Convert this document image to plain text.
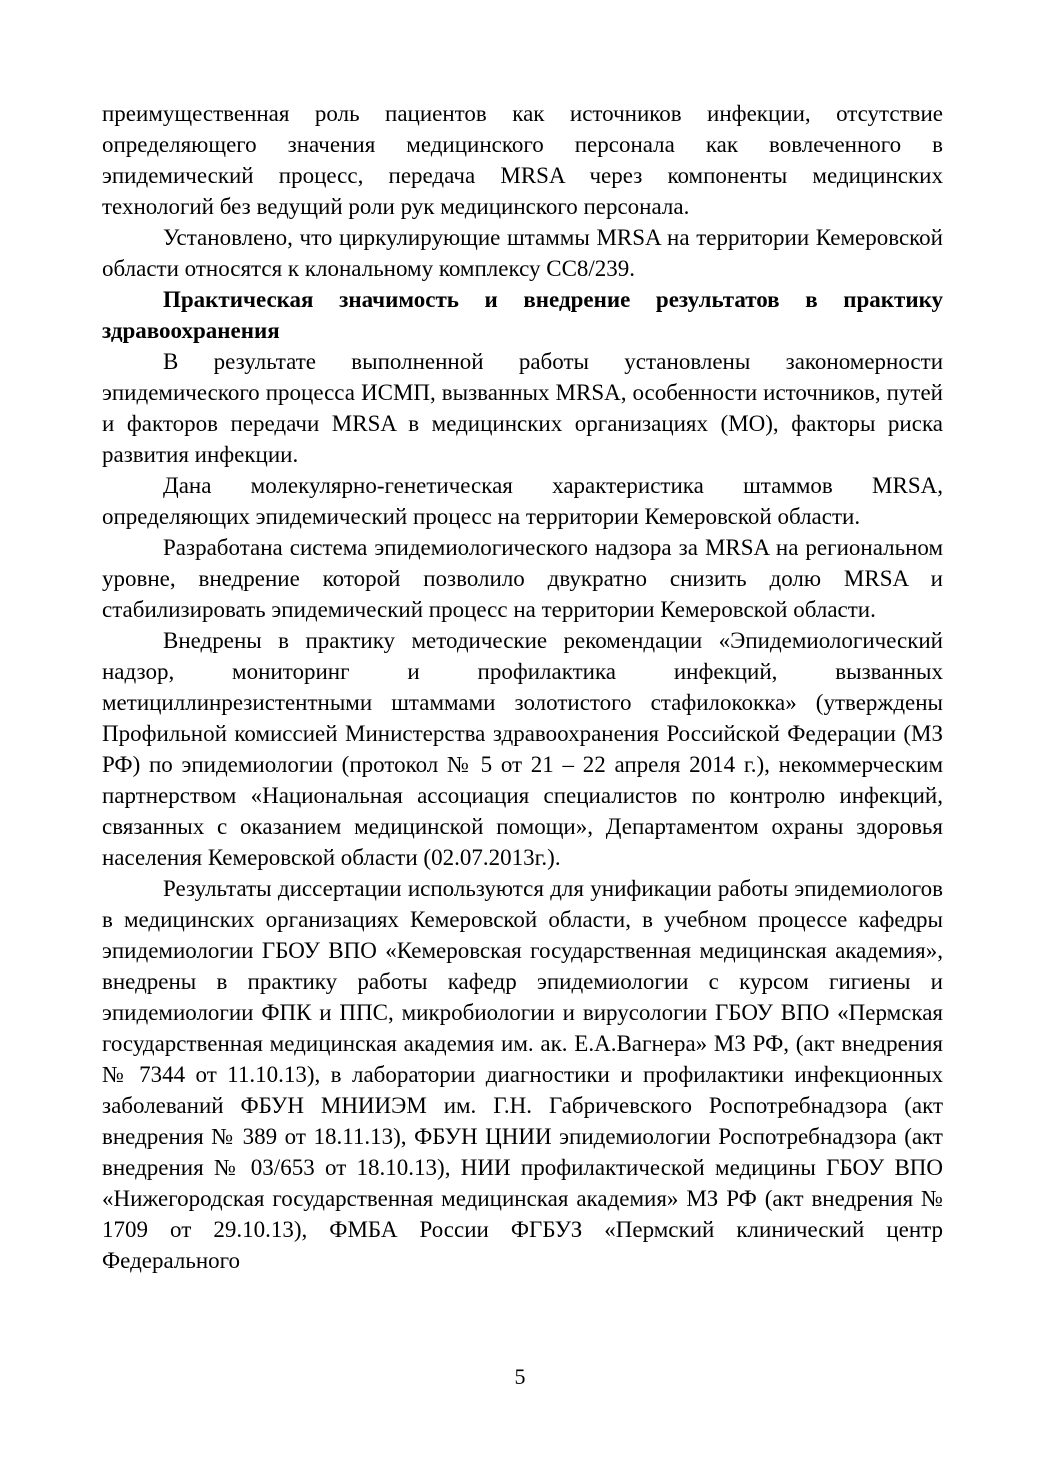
преимущественная роль пациентов как источников инфекции, отсутствие определяющего значения медицинского персонала как вовлеченного в эпидемический процесс, передача MRSA через компоненты медицинских технологий без ведущий роли рук медицинского персонала.

Установлено, что циркулирующие штаммы MRSA на территории Кемеровской области относятся к клональному комплексу CC8/239.

Практическая значимость и внедрение результатов в практику здравоохранения

В результате выполненной работы установлены закономерности эпидемического процесса ИСМП, вызванных MRSA, особенности источников, путей и факторов передачи MRSA в медицинских организациях (МО), факторы риска развития инфекции.

Дана молекулярно-генетическая характеристика штаммов MRSA, определяющих эпидемический процесс на территории Кемеровской области.

Разработана система эпидемиологического надзора за MRSA на региональном уровне, внедрение которой позволило двукратно снизить долю MRSA и стабилизировать эпидемический процесс на территории Кемеровской области.

Внедрены в практику методические рекомендации «Эпидемиологический надзор, мониторинг и профилактика инфекций, вызванных метициллинрезистентными штаммами золотистого стафилококка» (утверждены Профильной комиссией Министерства здравоохранения Российской Федерации (МЗ РФ) по эпидемиологии (протокол № 5 от 21 – 22 апреля 2014 г.), некоммерческим партнерством «Национальная ассоциация специалистов по контролю инфекций, связанных с оказанием медицинской помощи», Департаментом охраны здоровья населения Кемеровской области (02.07.2013г.).

Результаты диссертации используются для унификации работы эпидемиологов в медицинских организациях Кемеровской области, в учебном процессе кафедры эпидемиологии ГБОУ ВПО «Кемеровская государственная медицинская академия», внедрены в практику работы кафедр эпидемиологии с курсом гигиены и эпидемиологии ФПК и ППС, микробиологии и вирусологии ГБОУ ВПО «Пермская государственная медицинская академия им. ак. Е.А.Вагнера» МЗ РФ, (акт внедрения № 7344 от 11.10.13), в лаборатории диагностики и профилактики инфекционных заболеваний ФБУН МНИИЭМ им. Г.Н. Габричевского Роспотребнадзора (акт внедрения № 389 от 18.11.13), ФБУН ЦНИИ эпидемиологии Роспотребнадзора (акт внедрения № 03/653 от 18.10.13), НИИ профилактической медицины ГБОУ ВПО «Нижегородская государственная медицинская академия» МЗ РФ (акт внедрения № 1709 от 29.10.13), ФМБА России ФГБУЗ «Пермский клинический центр Федерального

5
